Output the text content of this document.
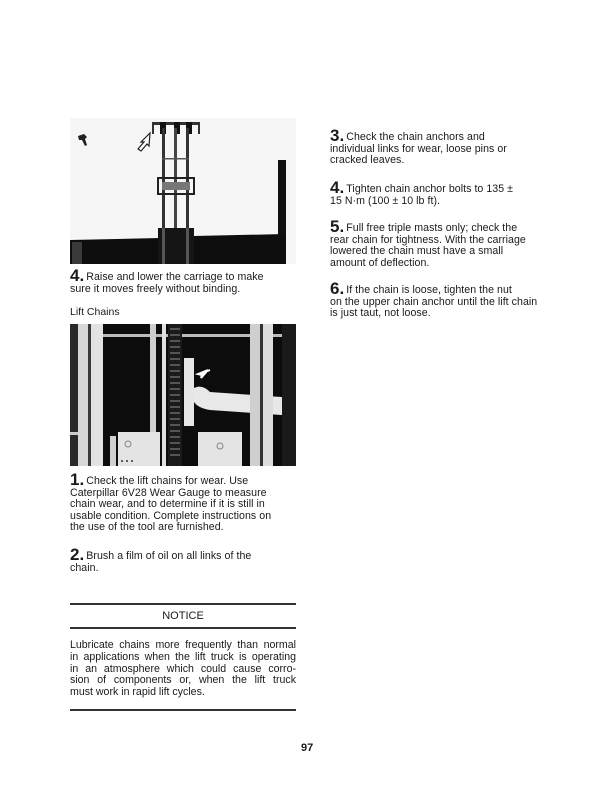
4. Raise and lower the carriage to make
sure it moves freely without binding.
Lift Chains
1. Check the lift chains for wear. Use
Caterpillar 6V28 Wear Gauge to measure
chain wear, and to determine if it is still in
usable condition. Complete instructions on
the use of the tool are furnished.
2. Brush a film of oil on all links of the
chain.
NOTICE
Lubricate chains more frequently than normal
in applications when the lift truck is operating
in an atmosphere which could cause corro-
sion of components or, when the lift truck
must work in rapid lift cycles.
3. Check the chain anchors and
individual links for wear, loose pins or
cracked leaves.
4. Tighten chain anchor bolts to 135 ±
15 N·m (100 ± 10 lb ft).
5. Full free triple masts only; check the
rear chain for tightness. With the carriage
lowered the chain must have a small
amount of deflection.
6. If the chain is loose, tighten the nut
on the upper chain anchor until the lift chain
is just taut, not loose.
97
